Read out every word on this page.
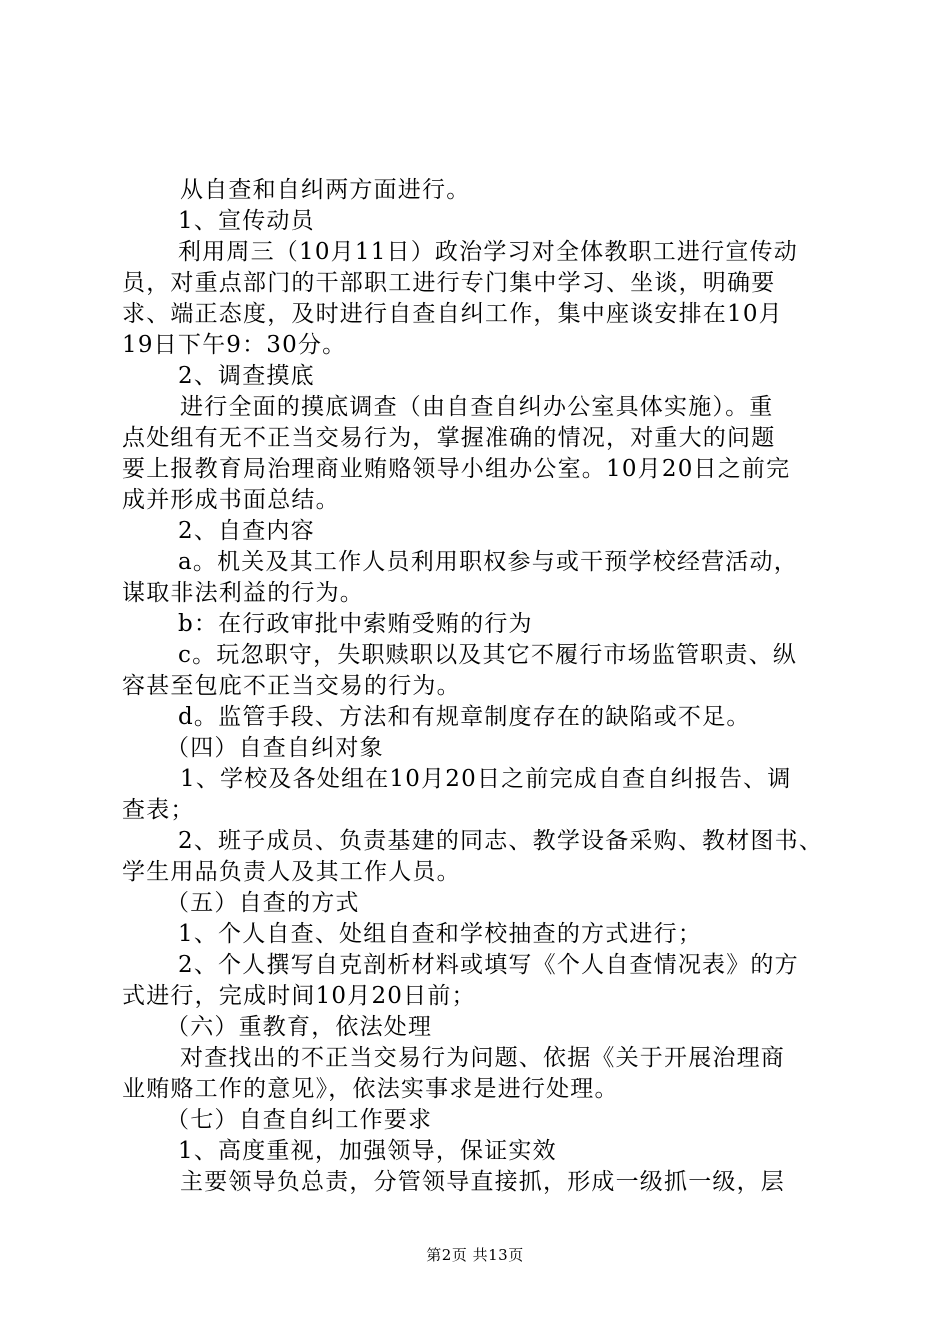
从自查和自纠两方面进行。
1、宣传动员
利用周三（10月11日）政治学习对全体教职工进行宣传动
员，对重点部门的干部职工进行专门集中学习、坐谈，明确要
求、端正态度，及时进行自查自纠工作，集中座谈安排在10月
19日下午9：30分。
2、调查摸底
进行全面的摸底调查（由自查自纠办公室具体实施）。重
点处组有无不正当交易行为，掌握准确的情况，对重大的问题
要上报教育局治理商业贿赂领导小组办公室。10月20日之前完
成并形成书面总结。
2、自查内容
a。机关及其工作人员利用职权参与或干预学校经营活动，
谋取非法利益的行为。
b：在行政审批中索贿受贿的行为
c。玩忽职守，失职赎职以及其它不履行市场监管职责、纵
容甚至包庇不正当交易的行为。
d。监管手段、方法和有规章制度存在的缺陷或不足。
（四）自查自纠对象
1、学校及各处组在10月20日之前完成自查自纠报告、调
查表；
2、班子成员、负责基建的同志、教学设备采购、教材图书、
学生用品负责人及其工作人员。
（五）自查的方式
1、个人自查、处组自查和学校抽查的方式进行；
2、个人撰写自克剖析材料或填写《个人自查情况表》的方
式进行，完成时间10月20日前；
（六）重教育，依法处理
对查找出的不正当交易行为问题、依据《关于开展治理商
业贿赂工作的意见》，依法实事求是进行处理。
（七）自查自纠工作要求
1、高度重视，加强领导，保证实效
主要领导负总责，分管领导直接抓，形成一级抓一级，层
第2页 共13页
